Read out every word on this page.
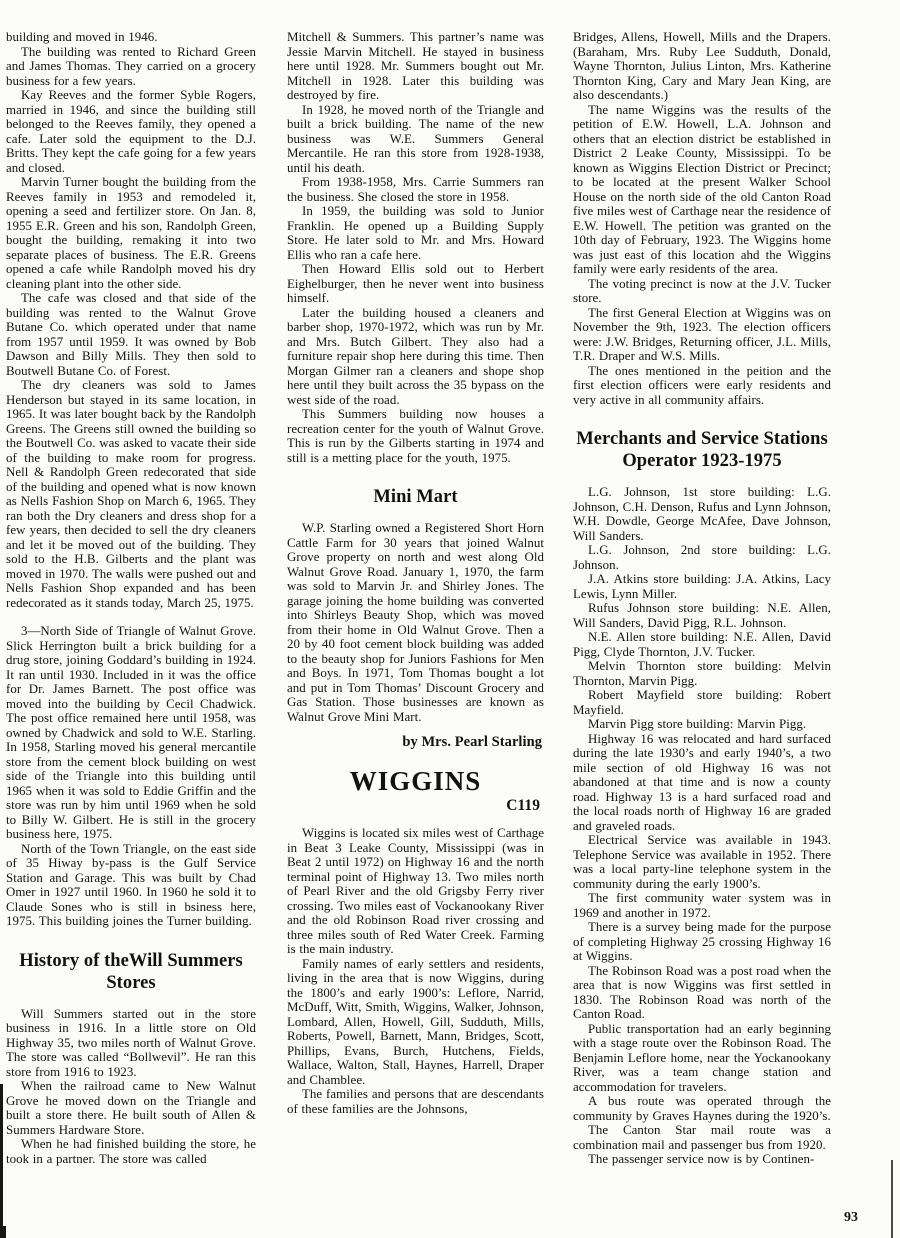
building and moved in 1946.

The building was rented to Richard Green and James Thomas. They carried on a grocery business for a few years.

Kay Reeves and the former Syble Rogers, married in 1946, and since the building still belonged to the Reeves family, they opened a cafe. Later sold the equipment to the D.J. Britts. They kept the cafe going for a few years and closed.

Marvin Turner bought the building from the Reeves family in 1953 and remodeled it, opening a seed and fertilizer store. On Jan. 8, 1955 E.R. Green and his son, Randolph Green, bought the building, remaking it into two separate places of business. The E.R. Greens opened a cafe while Randolph moved his dry cleaning plant into the other side.

The cafe was closed and that side of the building was rented to the Walnut Grove Butane Co. which operated under that name from 1957 until 1959. It was owned by Bob Dawson and Billy Mills. They then sold to Boutwell Butane Co. of Forest.

The dry cleaners was sold to James Henderson but stayed in its same location, in 1965. It was later bought back by the Randolph Greens. The Greens still owned the building so the Boutwell Co. was asked to vacate their side of the building to make room for progress. Nell & Randolph Green redecorated that side of the building and opened what is now known as Nells Fashion Shop on March 6, 1965. They ran both the Dry cleaners and dress shop for a few years, then decided to sell the dry cleaners and let it be moved out of the building. They sold to the H.B. Gilberts and the plant was moved in 1970. The walls were pushed out and Nells Fashion Shop expanded and has been redecorated as it stands today, March 25, 1975.

3—North Side of Triangle of Walnut Grove. Slick Herrington built a brick building for a drug store, joining Goddard’s building in 1924. It ran until 1930. Included in it was the office for Dr. James Barnett. The post office was moved into the building by Cecil Chadwick. The post office remained here until 1958, was owned by Chadwick and sold to W.E. Starling. In 1958, Starling moved his general mercantile store from the cement block building on west side of the Triangle into this building until 1965 when it was sold to Eddie Griffin and the store was run by him until 1969 when he sold to Billy W. Gilbert. He is still in the grocery business here, 1975.

North of the Town Triangle, on the east side of 35 Hiway by-pass is the Gulf Service Station and Garage. This was built by Chad Omer in 1927 until 1960. In 1960 he sold it to Claude Sones who is still in bsiness here, 1975. This building joines the Turner building.

History of theWill Summers
Stores

Will Summers started out in the store business in 1916. In a little store on Old Highway 35, two miles north of Walnut Grove. The store was called “Bollwevil”. He ran this store from 1916 to 1923.

When the railroad came to New Walnut Grove he moved down on the Triangle and built a store there. He built south of Allen & Summers Hardware Store.

When he had finished building the store, he took in a partner. The store was called

Mitchell & Summers. This partner’s name was Jessie Marvin Mitchell. He stayed in business here until 1928. Mr. Summers bought out Mr. Mitchell in 1928. Later this building was destroyed by fire.

In 1928, he moved north of the Triangle and built a brick building. The name of the new business was W.E. Summers General Mercantile. He ran this store from 1928-1938, until his death.

From 1938-1958, Mrs. Carrie Summers ran the business. She closed the store in 1958.

In 1959, the building was sold to Junior Franklin. He opened up a Building Supply Store. He later sold to Mr. and Mrs. Howard Ellis who ran a cafe here.

Then Howard Ellis sold out to Herbert Eighelburger, then he never went into business himself.

Later the building housed a cleaners and barber shop, 1970-1972, which was run by Mr. and Mrs. Butch Gilbert. They also had a furniture repair shop here during this time. Then Morgan Gilmer ran a cleaners and shope shop here until they built across the 35 bypass on the west side of the road.

This Summers building now houses a recreation center for the youth of Walnut Grove. This is run by the Gilberts starting in 1974 and still is a metting place for the youth, 1975.

Mini Mart

W.P. Starling owned a Registered Short Horn Cattle Farm for 30 years that joined Walnut Grove property on north and west along Old Walnut Grove Road. January 1, 1970, the farm was sold to Marvin Jr. and Shirley Jones. The garage joining the home building was converted into Shirleys Beauty Shop, which was moved from their home in Old Walnut Grove. Then a 20 by 40 foot cement block building was added to the beauty shop for Juniors Fashions for Men and Boys. In 1971, Tom Thomas bought a lot and put in Tom Thomas’ Discount Grocery and Gas Station. Those businesses are known as Walnut Grove Mini Mart.

by Mrs. Pearl Starling

WIGGINS
C119

Wiggins is located six miles west of Carthage in Beat 3 Leake County, Mississippi (was in Beat 2 until 1972) on Highway 16 and the north terminal point of Highway 13. Two miles north of Pearl River and the old Grigsby Ferry river crossing. Two miles east of Vockanookany River and the old Robinson Road river crossing and three miles south of Red Water Creek. Farming is the main industry.

Family names of early settlers and residents, living in the area that is now Wiggins, during the 1800’s and early 1900’s: Leflore, Narrid, McDuff, Witt, Smith, Wiggins, Walker, Johnson, Lombard, Allen, Howell, Gill, Sudduth, Mills, Roberts, Powell, Barnett, Mann, Bridges, Scott, Phillips, Evans, Burch, Hutchens, Fields, Wallace, Walton, Stall, Haynes, Harrell, Draper and Chamblee.

The families and persons that are descendants of these families are the Johnsons,

Bridges, Allens, Howell, Mills and the Drapers. (Baraham, Mrs. Ruby Lee Sudduth, Donald, Wayne Thornton, Julius Linton, Mrs. Katherine Thornton King, Cary and Mary Jean King, are also descendants.)

The name Wiggins was the results of the petition of E.W. Howell, L.A. Johnson and others that an election district be established in District 2 Leake County, Mississippi. To be known as Wiggins Election District or Precinct; to be located at the present Walker School House on the north side of the old Canton Road five miles west of Carthage near the residence of E.W. Howell. The petition was granted on the 10th day of February, 1923. The Wiggins home was just east of this location ahd the Wiggins family were early residents of the area.

The voting precinct is now at the J.V. Tucker store.

The first General Election at Wiggins was on November the 9th, 1923. The election officers were: J.W. Bridges, Returning officer, J.L. Mills, T.R. Draper and W.S. Mills.

The ones mentioned in the peition and the first election officers were early residents and very active in all community affairs.

Merchants and Service Stations
Operator 1923-1975

L.G. Johnson, 1st store building: L.G. Johnson, C.H. Denson, Rufus and Lynn Johnson, W.H. Dowdle, George McAfee, Dave Johnson, Will Sanders.

L.G. Johnson, 2nd store building: L.G. Johnson.

J.A. Atkins store building: J.A. Atkins, Lacy Lewis, Lynn Miller.

Rufus Johnson store building: N.E. Allen, Will Sanders, David Pigg, R.L. Johnson.

N.E. Allen store building: N.E. Allen, David Pigg, Clyde Thornton, J.V. Tucker.

Melvin Thornton store building: Melvin Thornton, Marvin Pigg.

Robert Mayfield store building: Robert Mayfield.

Marvin Pigg store building: Marvin Pigg.

Highway 16 was relocated and hard surfaced during the late 1930’s and early 1940’s, a two mile section of old Highway 16 was not abandoned at that time and is now a county road. Highway 13 is a hard surfaced road and the local roads north of Highway 16 are graded and graveled roads.

Electrical Service was available in 1943. Telephone Service was available in 1952. There was a local party-line telephone system in the community during the early 1900’s.

The first community water system was in 1969 and another in 1972.

There is a survey being made for the purpose of completing Highway 25 crossing Highway 16 at Wiggins.

The Robinson Road was a post road when the area that is now Wiggins was first settled in 1830. The Robinson Road was north of the Canton Road.

Public transportation had an early beginning with a stage route over the Robinson Road. The Benjamin Leflore home, near the Yockanookany River, was a team change station and accommodation for travelers.

A bus route was operated through the community by Graves Haynes during the 1920’s.

The Canton Star mail route was a combination mail and passenger bus from 1920.

The passenger service now is by Continen-

93
